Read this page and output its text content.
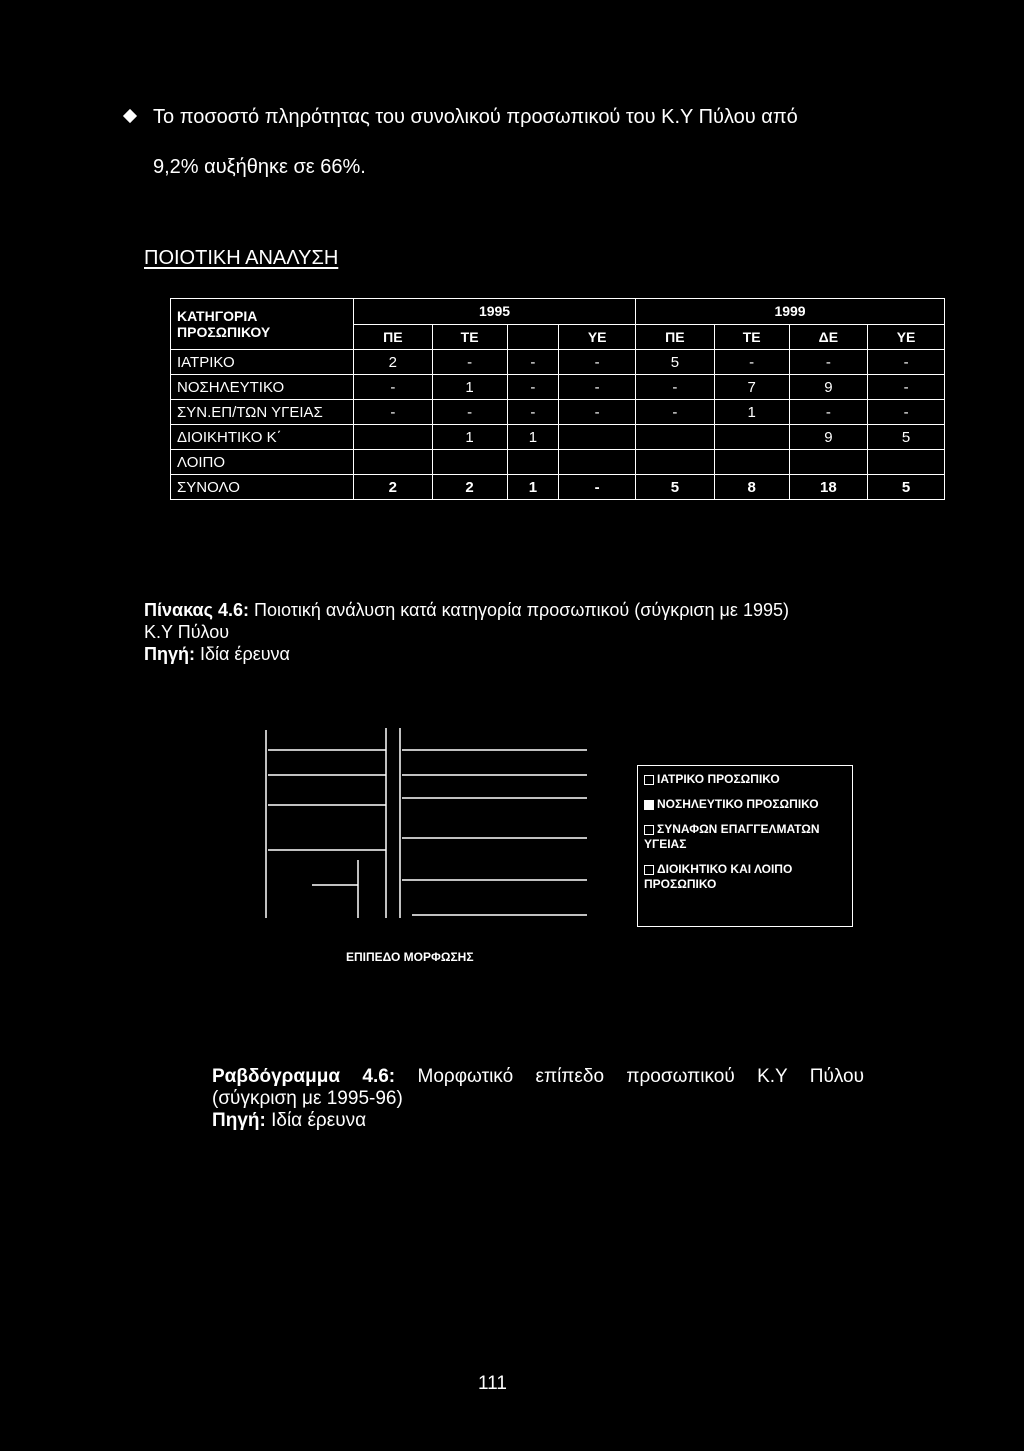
Το ποσοστό πληρότητας του συνολικού προσωπικού του Κ.Υ Πύλου από
9,2% αυξήθηκε σε 66%.
ΠΟΙΟΤΙΚΗ ΑΝΑΛΥΣΗ
ΚΑΤΗΓΟΡΙΑ
ΠΡΟΣΩΠΙΚΟΥ	1995				1999			
	ΠΕ	ΤΕ		ΥΕ	ΠΕ	ΤΕ	ΔΕ	ΥΕ
ΙΑΤΡΙΚΟ	2	-	-	-	5	-	-	-
ΝΟΣΗΛΕΥΤΙΚΟ	-	1	-	-	-	7	9	-
ΣΥΝ.ΕΠ/ΤΩΝ ΥΓΕΙΑΣ	-	-	-	-	-	1	-	-
ΔΙΟΙΚΗΤΙΚΟ Κ΄		1	1				9	5
ΛΟΙΠΟ								
ΣΥΝΟΛΟ	2	2	1	-	5	8	18	5
Πίνακας 4.6: Ποιοτική ανάλυση κατά κατηγορία προσωπικού (σύγκριση με 1995)
Κ.Υ Πύλου
Πηγή: Ιδία έρευνα
ΙΑΤΡΙΚΟ ΠΡΟΣΩΠΙΚΟ
ΝΟΣΗΛΕΥΤΙΚΟ ΠΡΟΣΩΠΙΚΟ
ΣΥΝΑΦΩΝ ΕΠΑΓΓΕΛΜΑΤΩΝ ΥΓΕΙΑΣ
ΔΙΟΙΚΗΤΙΚΟ ΚΑΙ ΛΟΙΠΟ ΠΡΟΣΩΠΙΚΟ
ΕΠΙΠΕΔΟ ΜΟΡΦΩΣΗΣ
Ραβδόγραμμα 4.6: Μορφωτικό επίπεδο προσωπικού Κ.Υ Πύλου
(σύγκριση με 1995-96)
Πηγή: Ιδία έρευνα
111
